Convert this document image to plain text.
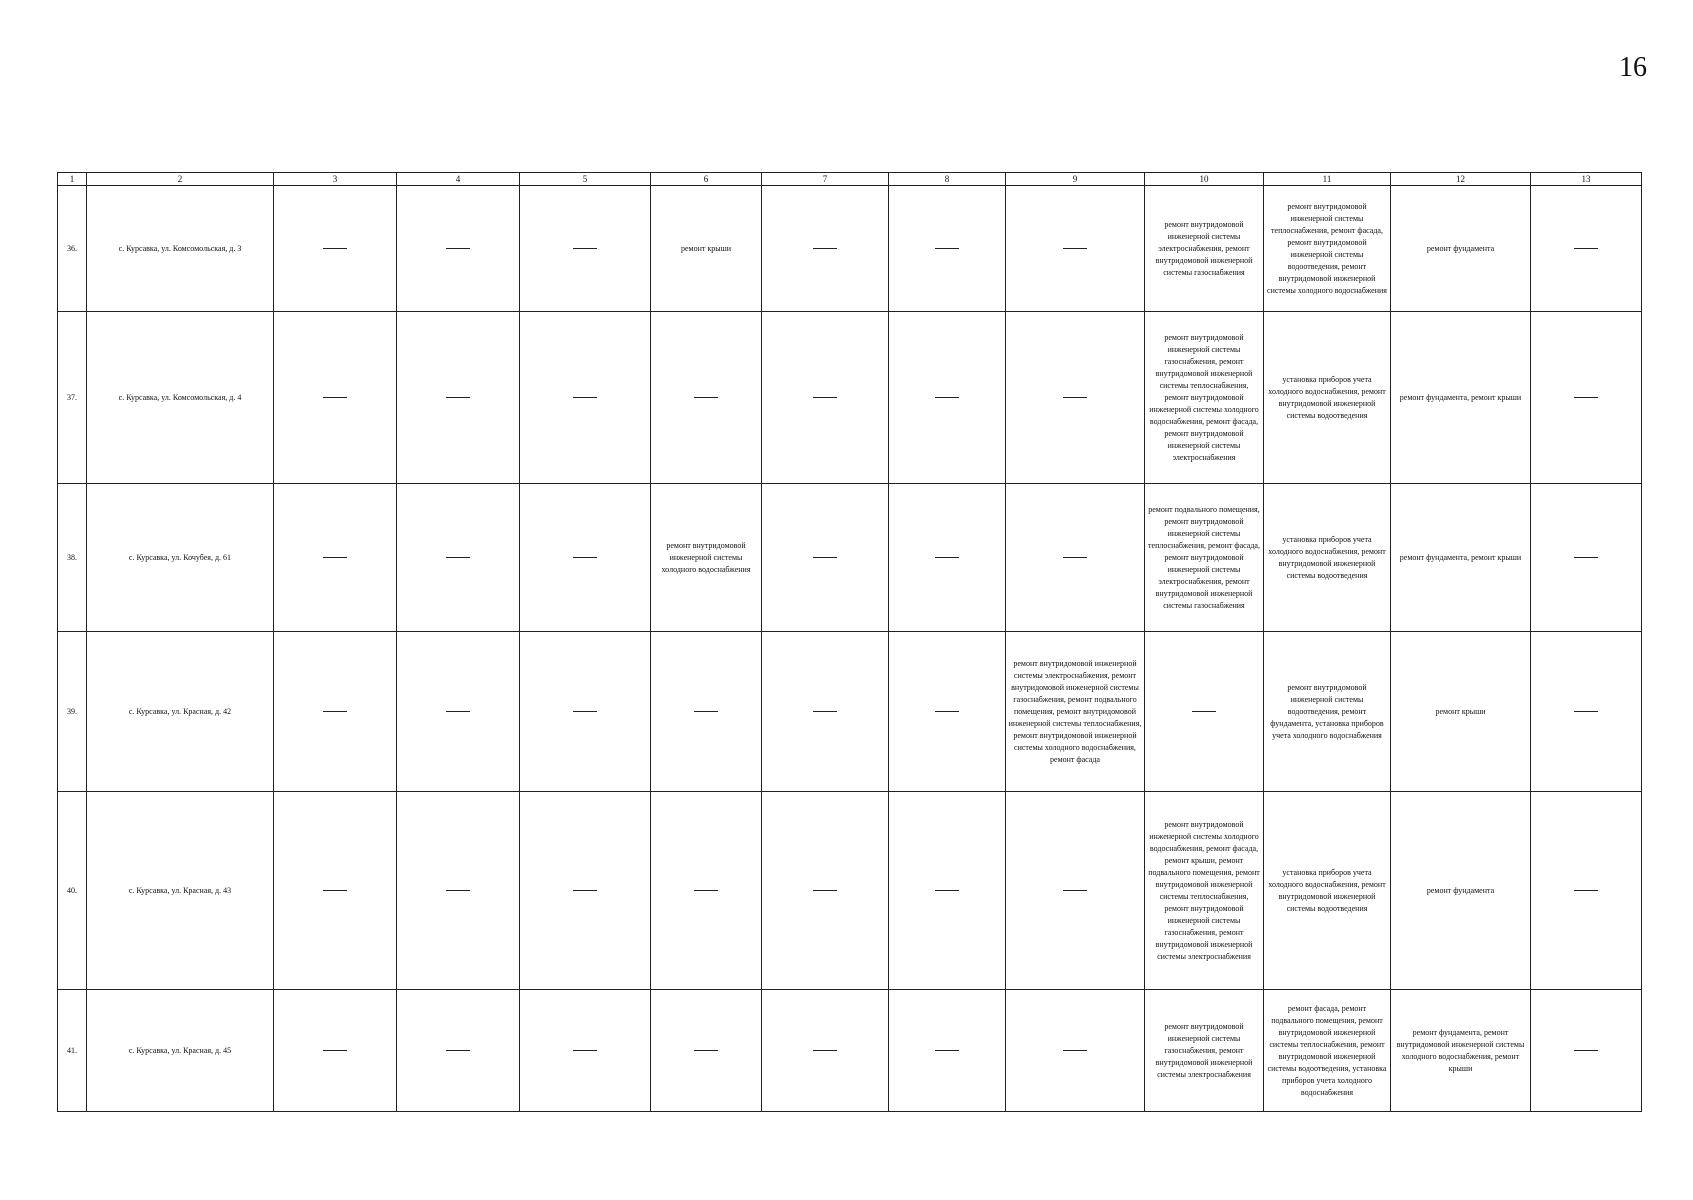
16
1	2	3	4	5	6	7	8	9	10	11	12	13
36.	с. Курсавка, ул. Комсомольская, д. 3				ремонт крыши				ремонт внутридомовой инженерной системы электроснабжения, ремонт внутридомовой инженерной системы газоснабжения	ремонт внутридомовой инженерной системы теплоснабжения, ремонт фасада, ремонт внутридомовой инженерной системы водоотведения, ремонт внутридомовой инженерной системы холодного водоснабжения	ремонт фундамента	
37.	с. Курсавка, ул. Комсомольская, д. 4								ремонт внутридомовой инженерной системы газоснабжения, ремонт внутридомовой инженерной системы теплоснабжения, ремонт внутридомовой инженерной системы холодного водоснабжения, ремонт фасада, ремонт внутридомовой инженерной системы электроснабжения	установка приборов учета холодного водоснабжения, ремонт внутридомовой инженерной системы водоотведения	ремонт фундамента, ремонт крыши	
38.	с. Курсавка, ул. Кочубея, д. 61				ремонт внутридомовой инженерной системы холодного водоснабжения				ремонт подвального помещения, ремонт внутридомовой инженерной системы теплоснабжения, ремонт фасада, ремонт внутридомовой инженерной системы электроснабжения, ремонт внутридомовой инженерной системы газоснабжения	установка приборов учета холодного водоснабжения, ремонт внутридомовой инженерной системы водоотведения	ремонт фундамента, ремонт крыши	
39.	с. Курсавка, ул. Красная, д. 42							ремонт внутридомовой инженерной системы электроснабжения, ремонт внутридомовой инженерной системы газоснабжения, ремонт подвального помещения, ремонт внутридомовой инженерной системы теплоснабжения, ремонт внутридомовой инженерной системы холодного водоснабжения, ремонт фасада		ремонт внутридомовой инженерной системы водоотведения, ремонт фундамента, установка приборов учета холодного водоснабжения	ремонт крыши	
40.	с. Курсавка, ул. Красная, д. 43								ремонт внутридомовой инженерной системы холодного водоснабжения, ремонт фасада, ремонт крыши, ремонт подвального помещения, ремонт внутридомовой инженерной системы теплоснабжения, ремонт внутридомовой инженерной системы газоснабжения, ремонт внутридомовой инженерной системы электроснабжения	установка приборов учета холодного водоснабжения, ремонт внутридомовой инженерной системы водоотведения	ремонт фундамента	
41.	с. Курсавка, ул. Красная, д. 45								ремонт внутридомовой инженерной системы газоснабжения, ремонт внутридомовой инженерной системы электроснабжения	ремонт фасада, ремонт подвального помещения, ремонт внутридомовой инженерной системы теплоснабжения, ремонт внутридомовой инженерной системы водоотведения, установка приборов учета холодного водоснабжения	ремонт фундамента, ремонт внутридомовой инженерной системы холодного водоснабжения, ремонт крыши	
